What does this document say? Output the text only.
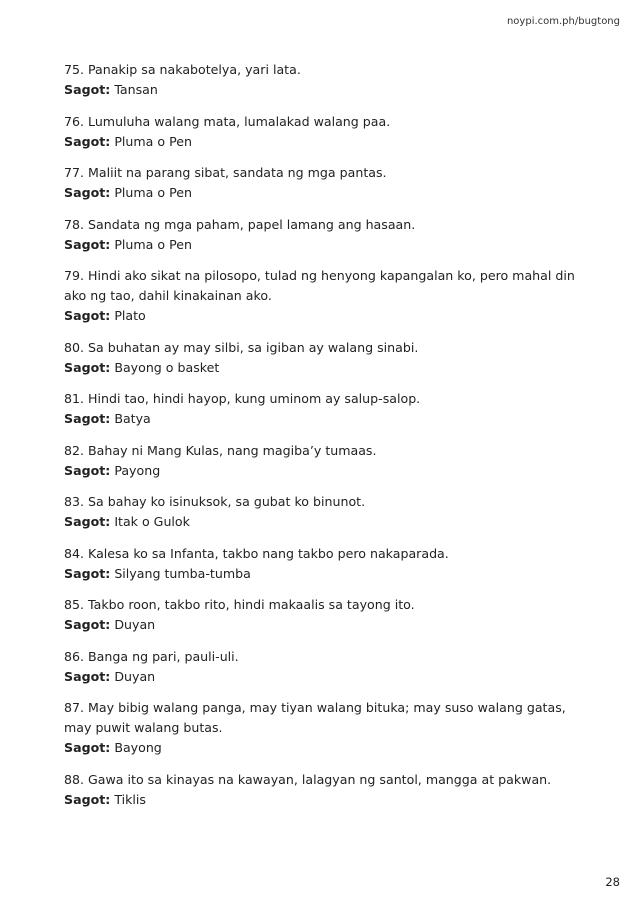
noypi.com.ph/bugtong
75. Panakip sa nakabotelya, yari lata.
Sagot: Tansan
76. Lumuluha walang mata, lumalakad walang paa.
Sagot: Pluma o Pen
77. Maliit na parang sibat, sandata ng mga pantas.
Sagot: Pluma o Pen
78. Sandata ng mga paham, papel lamang ang hasaan.
Sagot: Pluma o Pen
79. Hindi ako sikat na pilosopo, tulad ng henyong kapangalan ko, pero mahal din ako ng tao, dahil kinakainan ako.
Sagot: Plato
80. Sa buhatan ay may silbi, sa igiban ay walang sinabi.
Sagot: Bayong o basket
81. Hindi tao, hindi hayop, kung uminom ay salup-salop.
Sagot: Batya
82. Bahay ni Mang Kulas, nang magiba’y tumaas.
Sagot: Payong
83. Sa bahay ko isinuksok, sa gubat ko binunot.
Sagot: Itak o Gulok
84. Kalesa ko sa Infanta, takbo nang takbo pero nakaparada.
Sagot: Silyang tumba-tumba
85. Takbo roon, takbo rito, hindi makaalis sa tayong ito.
Sagot: Duyan
86. Banga ng pari, pauli-uli.
Sagot: Duyan
87. May bibig walang panga, may tiyan walang bituka; may suso walang gatas, may puwit walang butas.
Sagot: Bayong
88. Gawa ito sa kinayas na kawayan, lalagyan ng santol, mangga at pakwan.
Sagot: Tiklis
28
